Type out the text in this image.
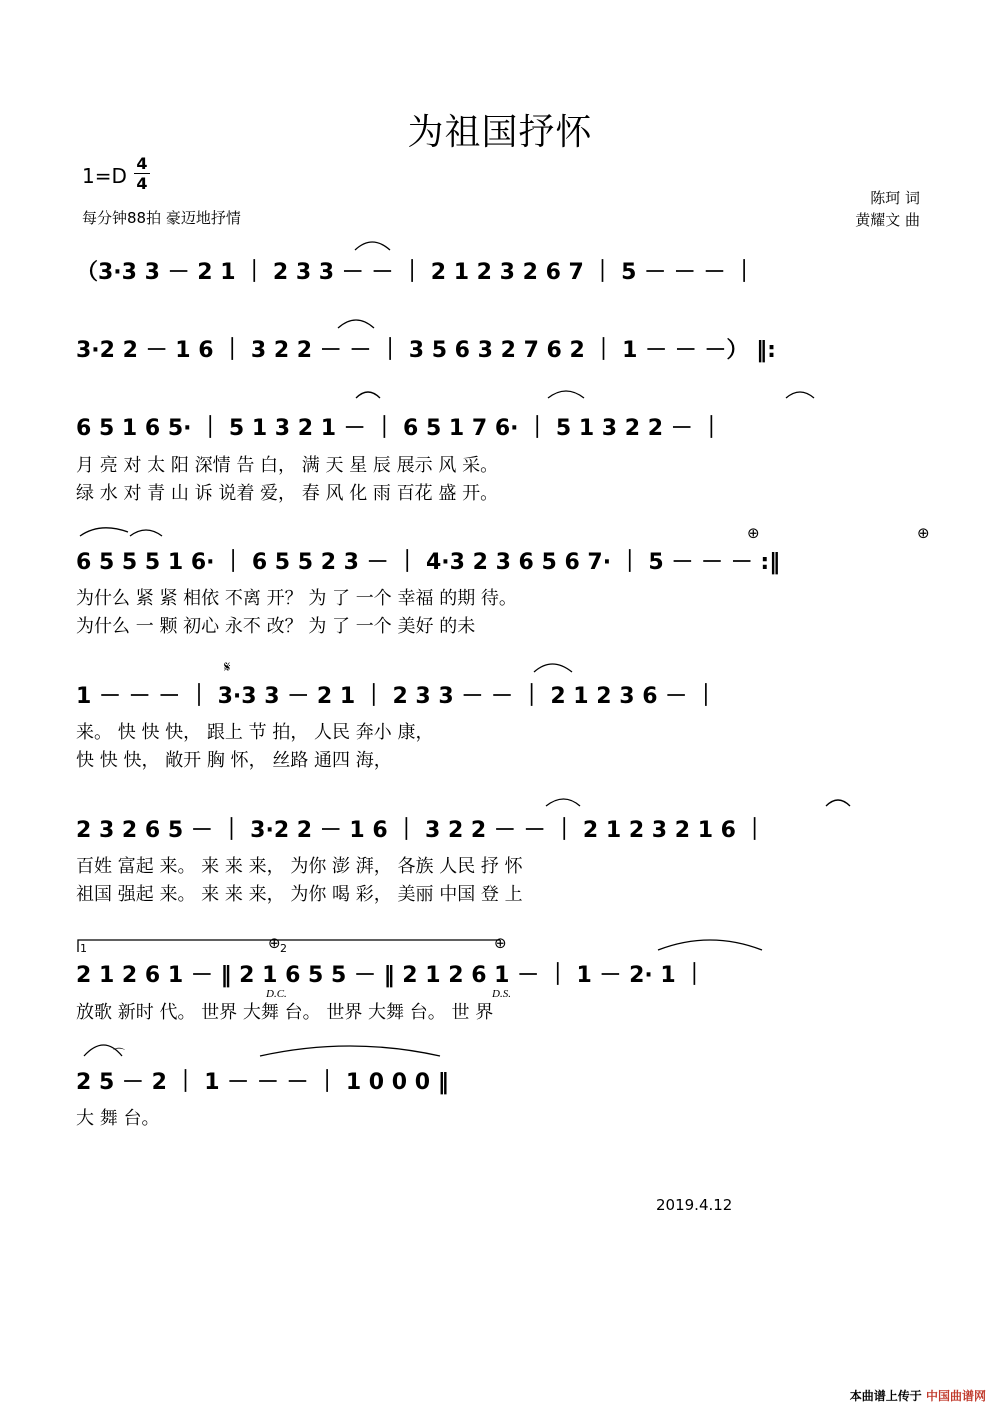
为祖国抒怀
1=D
4
4
每分钟88拍 豪迈地抒情
陈珂 词
黄耀文 曲
（3·3 3 － 2 1 ｜ 2 3 3 － － ｜ 2 1 2 3 2 6 7 ｜ 5 － － － ｜
3·2 2 － 1 6 ｜ 3 2 2 － － ｜ 3 5 6 3 2 7 6 2 ｜ 1 － － －） ‖:
6 5 1 6 5· ｜ 5 1 3 2 1 － ｜ 6 5 1 7 6· ｜ 5 1 3 2 2 － ｜
月 亮 对 太 阳 深情 告 白， 满 天 星 辰 展示 风 采。
绿 水 对 青 山 诉 说着 爱， 春 风 化 雨 百花 盛 开。
6 5 5 5 1 6· ｜ 6 5 5 2 3 － ｜ 4·3 2 3 6 5 6 7· ｜ 5 － － － :‖
为什么 紧 紧 相依 不离 开？ 为 了 一个 幸福 的期 待。
为什么 一 颗 初心 永不 改？ 为 了 一个 美好 的未
1 － － － ｜ 3·3 3 － 2 1 ｜ 2 3 3 － － ｜ 2 1 2 3 6 － ｜
来。 快 快 快， 跟上 节 拍， 人民 奔小 康，
快 快 快， 敞开 胸 怀， 丝路 通四 海，
2 3 2 6 5 － ｜ 3·2 2 － 1 6 ｜ 3 2 2 － － ｜ 2 1 2 3 2 1 6 ｜
百姓 富起 来。 来 来 来， 为你 澎 湃， 各族 人民 抒 怀
祖国 强起 来。 来 来 来， 为你 喝 彩， 美丽 中国 登 上
1	2
2 1 2 6 1 － ‖ 2 1 6 5 5 － ‖ 2 1 2 6 1 － ｜ 1 － 2· 1 ｜
D.C.	D.S.
放歌 新时 代。 世界 大舞 台。 世界 大舞 台。 世 界
2 5 － 2 ｜ 1 － － － ｜ 1 0 0 0 ‖
大 舞 台。
⊕	⊕
𝄋
⊕	⊕
⌒
2019.4.12
本曲谱上传于 中国曲谱网
